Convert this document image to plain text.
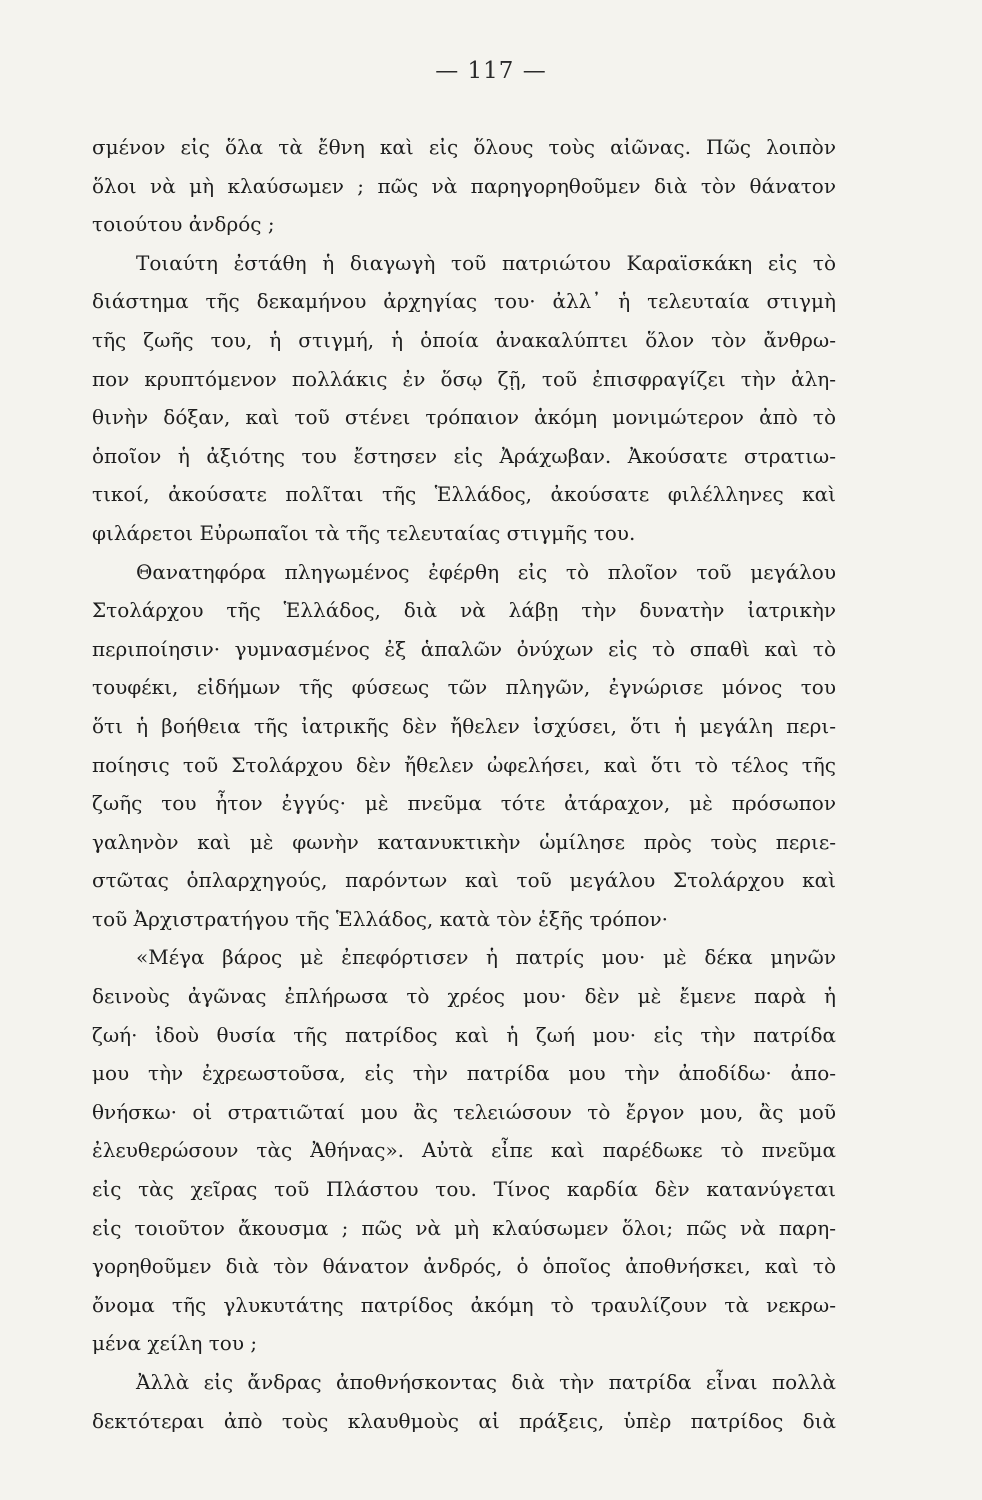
— 117 —
σμένον εἰς ὅλα τὰ ἔθνη καὶ εἰς ὅλους τοὺς αἰῶνας. Πῶς λοιπὸν
ὅλοι νὰ μὴ κλαύσωμεν ; πῶς νὰ παρηγορηθοῦμεν διὰ τὸν θάνατον
τοιούτου ἀνδρός ;
Τοιαύτη ἐστάθη ἡ διαγωγὴ τοῦ πατριώτου Καραϊσκάκη εἰς τὸ
διάστημα τῆς δεκαμήνου ἀρχηγίας του· ἀλλ᾿ ἡ τελευταία στιγμὴ
τῆς ζωῆς του, ἡ στιγμή, ἡ ὁποία ἀνακαλύπτει ὅλον τὸν ἄνθρω-
πον κρυπτόμενον πολλάκις ἐν ὅσῳ ζῇ, τοῦ ἐπισφραγίζει τὴν ἀλη-
θινὴν δόξαν, καὶ τοῦ στένει τρόπαιον ἀκόμη μονιμώτερον ἀπὸ τὸ
ὁποῖον ἡ ἀξιότης του ἔστησεν εἰς Ἀράχωβαν. Ἀκούσατε στρατιω-
τικοί, ἀκούσατε πολῖται τῆς Ἑλλάδος, ἀκούσατε φιλέλληνες καὶ
φιλάρετοι Εὐρωπαῖοι τὰ τῆς τελευταίας στιγμῆς του.
Θανατηφόρα πληγωμένος ἐφέρθη εἰς τὸ πλοῖον τοῦ μεγάλου
Στολάρχου τῆς Ἑλλάδος, διὰ νὰ λάβῃ τὴν δυνατὴν ἰατρικὴν
περιποίησιν· γυμνασμένος ἐξ ἁπαλῶν ὀνύχων εἰς τὸ σπαθὶ καὶ τὸ
τουφέκι, εἰδήμων τῆς φύσεως τῶν πληγῶν, ἐγνώρισε μόνος του
ὅτι ἡ βοήθεια τῆς ἰατρικῆς δὲν ἤθελεν ἰσχύσει, ὅτι ἡ μεγάλη περι-
ποίησις τοῦ Στολάρχου δὲν ἤθελεν ὠφελήσει, καὶ ὅτι τὸ τέλος τῆς
ζωῆς του ἦτον ἐγγύς· μὲ πνεῦμα τότε ἀτάραχον, μὲ πρόσωπον
γαληνὸν καὶ μὲ φωνὴν κατανυκτικὴν ὡμίλησε πρὸς τοὺς περιε-
στῶτας ὁπλαρχηγούς, παρόντων καὶ τοῦ μεγάλου Στολάρχου καὶ
τοῦ Ἀρχιστρατήγου τῆς Ἑλλάδος, κατὰ τὸν ἑξῆς τρόπον·
«Μέγα βάρος μὲ ἐπεφόρτισεν ἡ πατρίς μου· μὲ δέκα μηνῶν
δεινοὺς ἀγῶνας ἐπλήρωσα τὸ χρέος μου· δὲν μὲ ἔμενε παρὰ ἡ
ζωή· ἰδοὺ θυσία τῆς πατρίδος καὶ ἡ ζωή μου· εἰς τὴν πατρίδα
μου τὴν ἐχρεωστοῦσα, εἰς τὴν πατρίδα μου τὴν ἀποδίδω· ἀπο-
θνήσκω· οἱ στρατιῶταί μου ἂς τελειώσουν τὸ ἔργον μου, ἂς μοῦ
ἐλευθερώσουν τὰς Ἀθήνας». Αὐτὰ εἶπε καὶ παρέδωκε τὸ πνεῦμα
εἰς τὰς χεῖρας τοῦ Πλάστου του. Τίνος καρδία δὲν κατανύγεται
εἰς τοιοῦτον ἄκουσμα ; πῶς νὰ μὴ κλαύσωμεν ὅλοι; πῶς νὰ παρη-
γορηθοῦμεν διὰ τὸν θάνατον ἀνδρός, ὁ ὁποῖος ἀποθνήσκει, καὶ τὸ
ὄνομα τῆς γλυκυτάτης πατρίδος ἀκόμη τὸ τραυλίζουν τὰ νεκρω-
μένα χείλη του ;
Ἀλλὰ εἰς ἄνδρας ἀποθνήσκοντας διὰ τὴν πατρίδα εἶναι πολλὰ
δεκτότεραι ἀπὸ τοὺς κλαυθμοὺς αἱ πράξεις, ὑπὲρ πατρίδος διὰ
